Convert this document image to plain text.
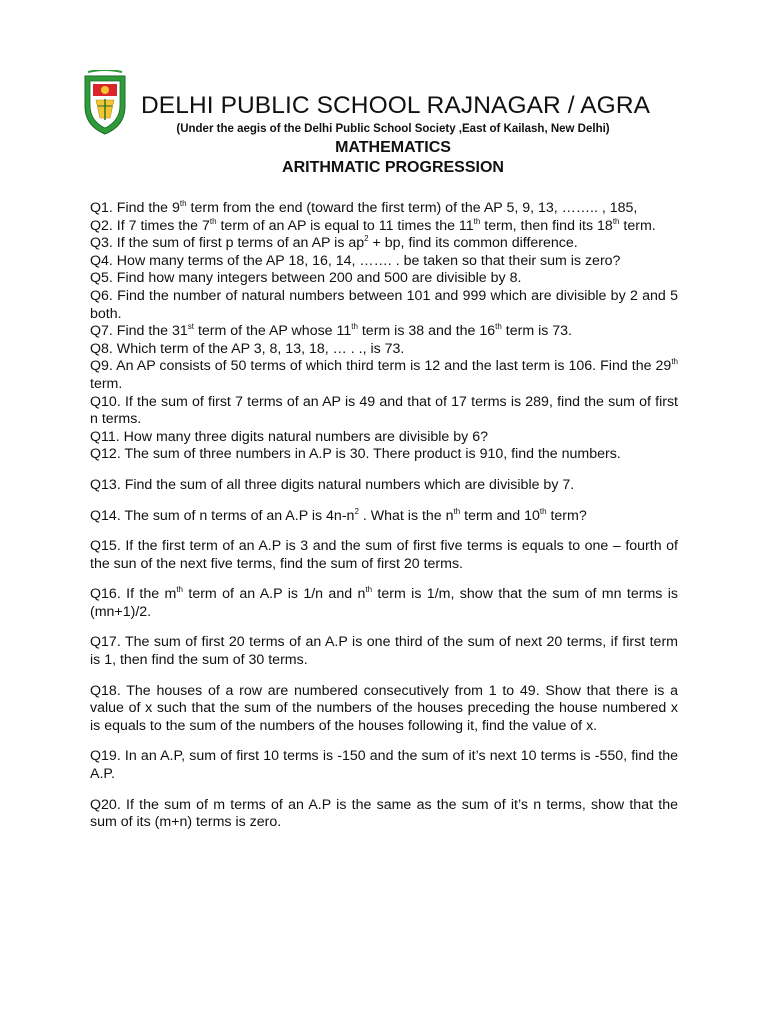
DELHI PUBLIC SCHOOL RAJNAGAR / AGRA
(Under the aegis of the Delhi Public School Society ,East of Kailash, New Delhi)
MATHEMATICS
ARITHMATIC PROGRESSION
Q1. Find the 9th term from the end (toward the first term) of the AP 5, 9, 13, …….. , 185,
Q2. If 7 times the 7th term of an AP is equal to 11 times the 11th term, then find its 18th term.
Q3. If the sum of first p terms of an AP is $ap^2$ + bp, find its common difference.
Q4. How many terms of the AP 18, 16, 14, ……. . be taken so that their sum is zero?
Q5. Find how many integers between 200 and 500 are divisible by 8.
Q6. Find the number of natural numbers between 101 and 999 which are divisible by 2 and 5 both.
Q7. Find the 31st term of the AP whose 11th term is 38 and the 16th term is 73.
Q8. Which term of the AP 3, 8, 13, 18, … . ., is 73.
Q9. An AP consists of 50 terms of which third term is 12 and the last term is 106. Find the 29th term.
Q10. If the sum of first 7 terms of an AP is 49 and that of 17 terms is 289, find the sum of first n terms.
Q11. How many three digits natural numbers are divisible by 6?
Q12. The sum of three numbers in A.P is 30. There product is 910, find the numbers.
Q13. Find the sum of all three digits natural numbers which are divisible by 7.
Q14. The sum of n terms of an A.P is $4n-n^2$ . What is the $n^{th}$ term and 10th term?
Q15. If the first term of an A.P is 3 and the sum of first five terms is equals to one – fourth of the sun of the next five terms, find the sum of first 20 terms.
Q16. If the $m^{th}$ term of an A.P is 1/n and $n^{th}$ term is 1/m, show that the sum of mn terms is (mn+1)/2.
Q17. The sum of first 20 terms of an A.P is one third of the sum of next 20 terms, if first term is 1, then find the sum of 30 terms.
Q18. The houses of a row are numbered consecutively from 1 to 49. Show that there is a value of x such that the sum of the numbers of the houses preceding the house numbered x is equals to the sum of the numbers of the houses following it, find the value of x.
Q19. In an A.P, sum of first 10 terms is -150 and the sum of it’s next 10 terms is -550, find the A.P.
Q20. If the sum of m terms of an A.P is the same as the sum of it’s n terms, show that the sum of its (m+n) terms is zero.
